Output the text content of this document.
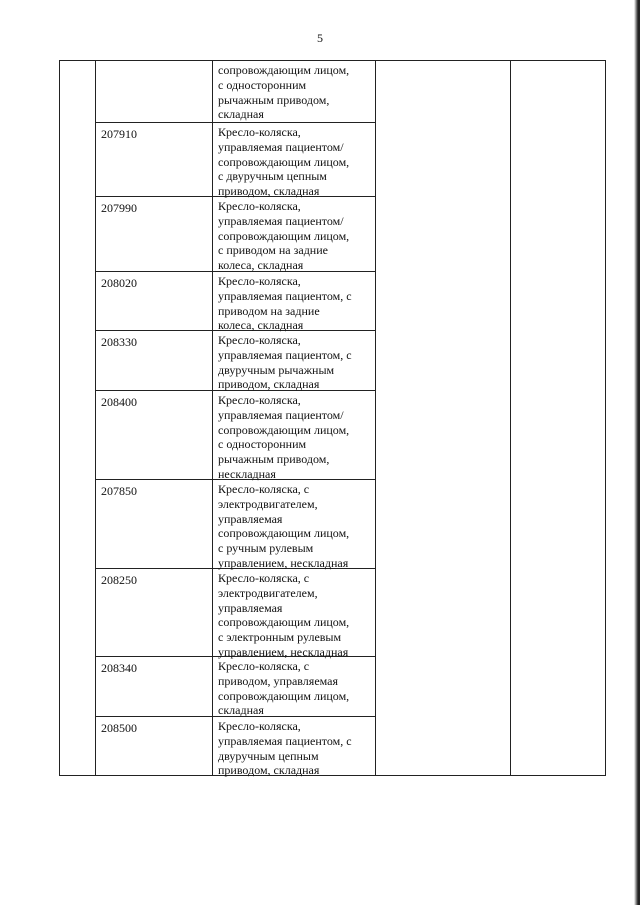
5
сопровождающим лицом,
с односторонним
рычажным приводом,
складная
207910	Кресло-коляска,
управляемая пациентом/
сопровождающим лицом,
с двуручным цепным
приводом, складная
207990	Кресло-коляска,
управляемая пациентом/
сопровождающим лицом,
с приводом на задние
колеса, складная
208020	Кресло-коляска,
управляемая пациентом, с
приводом на задние
колеса, складная
208330	Кресло-коляска,
управляемая пациентом, с
двуручным рычажным
приводом, складная
208400	Кресло-коляска,
управляемая пациентом/
сопровождающим лицом,
с односторонним
рычажным приводом,
нескладная
207850	Кресло-коляска, с
электродвигателем,
управляемая
сопровождающим лицом,
с ручным рулевым
управлением, нескладная
208250	Кресло-коляска, с
электродвигателем,
управляемая
сопровождающим лицом,
с электронным рулевым
управлением, нескладная
208340	Кресло-коляска, с
приводом, управляемая
сопровождающим лицом,
складная
208500	Кресло-коляска,
управляемая пациентом, с
двуручным цепным
приводом, складная
